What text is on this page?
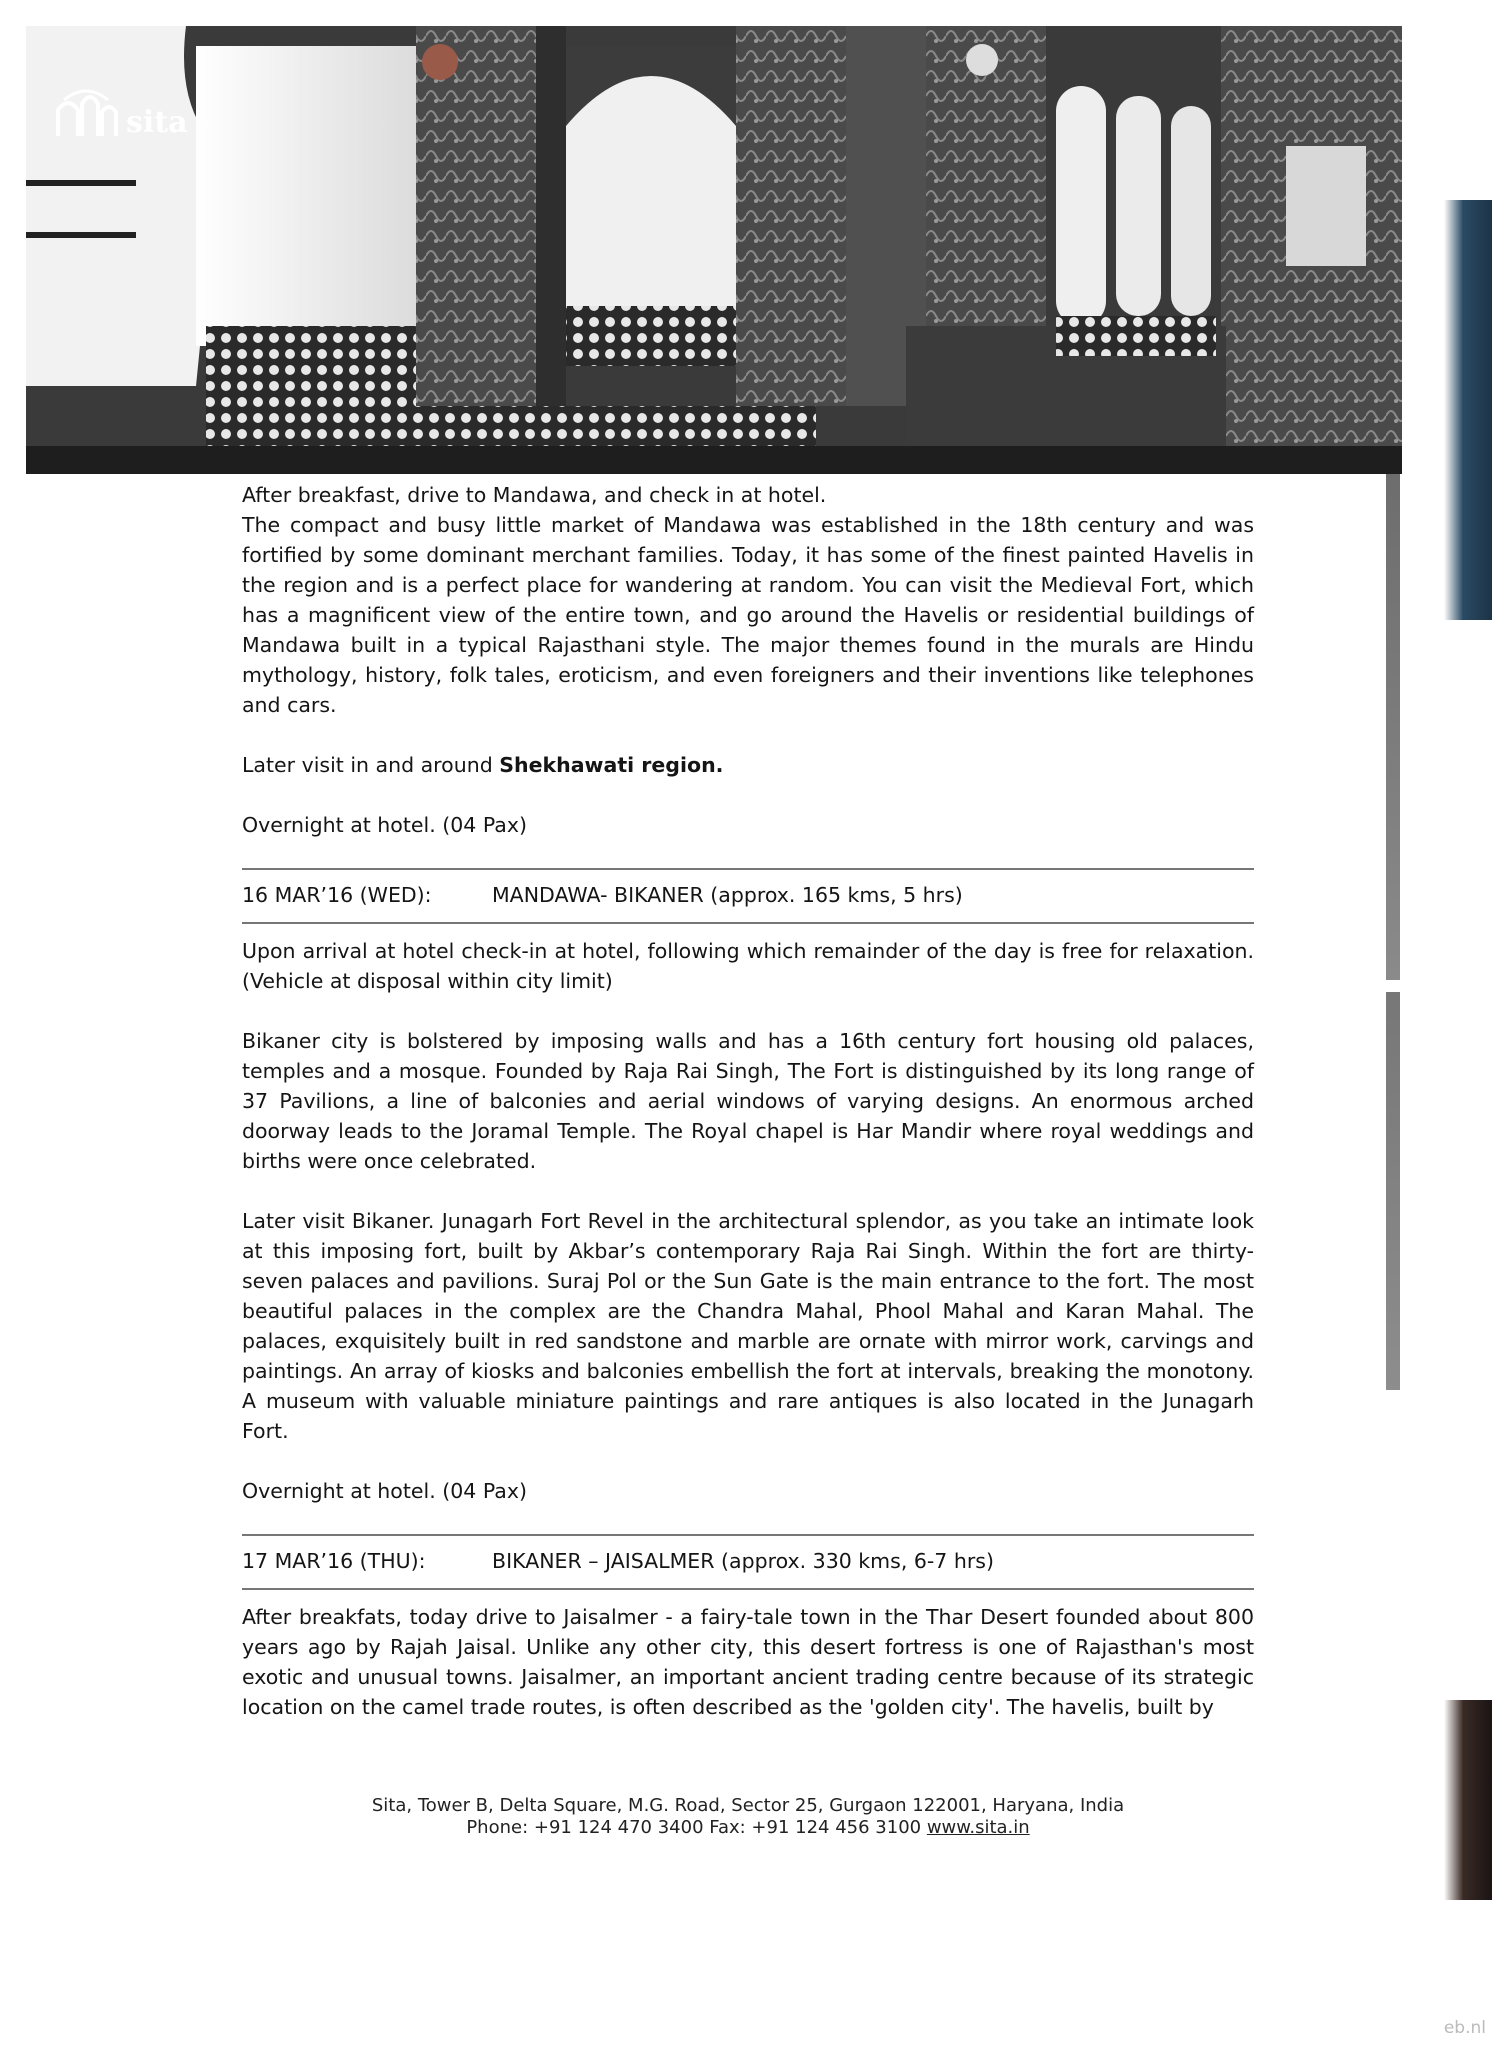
sita

After breakfast, drive to Mandawa, and check in at hotel.

The compact and busy little market of Mandawa was established in the 18th century and was fortified by some dominant merchant families. Today, it has some of the finest painted Havelis in the region and is a perfect place for wandering at random. You can visit the Medieval Fort, which has a magnificent view of the entire town, and go around the Havelis or residential buildings of Mandawa built in a typical Rajasthani style. The major themes found in the murals are Hindu mythology, history, folk tales, eroticism, and even foreigners and their inventions like telephones and cars.

Later visit in and around Shekhawati region.

Overnight at hotel. (04 Pax)

16 MAR’16 (WED):	MANDAWA- BIKANER (approx. 165 kms, 5 hrs)

Upon arrival at hotel check-in at hotel, following which remainder of the day is free for relaxation. (Vehicle at disposal within city limit)

Bikaner city is bolstered by imposing walls and has a 16th century fort housing old palaces, temples and a mosque. Founded by Raja Rai Singh, The Fort is distinguished by its long range of 37 Pavilions, a line of balconies and aerial windows of varying designs. An enormous arched doorway leads to the Joramal Temple. The Royal chapel is Har Mandir where royal weddings and births were once celebrated.

Later visit Bikaner. Junagarh Fort Revel in the architectural splendor, as you take an intimate look at this imposing fort, built by Akbar’s contemporary Raja Rai Singh. Within the fort are thirty-seven palaces and pavilions. Suraj Pol or the Sun Gate is the main entrance to the fort. The most beautiful palaces in the complex are the Chandra Mahal, Phool Mahal and Karan Mahal. The palaces, exquisitely built in red sandstone and marble are ornate with mirror work, carvings and paintings. An array of kiosks and balconies embellish the fort at intervals, breaking the monotony. A museum with valuable miniature paintings and rare antiques is also located in the Junagarh Fort.

Overnight at hotel. (04 Pax)

17 MAR’16 (THU):	BIKANER – JAISALMER (approx. 330 kms, 6-7 hrs)

After breakfats, today drive to Jaisalmer - a fairy-tale town in the Thar Desert founded about 800 years ago by Rajah Jaisal. Unlike any other city, this desert fortress is one of Rajasthan's most exotic and unusual towns. Jaisalmer, an important ancient trading centre because of its strategic location on the camel trade routes, is often described as the 'golden city'. The havelis, built by

Sita, Tower B, Delta Square, M.G. Road, Sector 25, Gurgaon 122001, Haryana, India
Phone: +91 124 470 3400 Fax: +91 124 456 3100 www.sita.in
eb.nl
